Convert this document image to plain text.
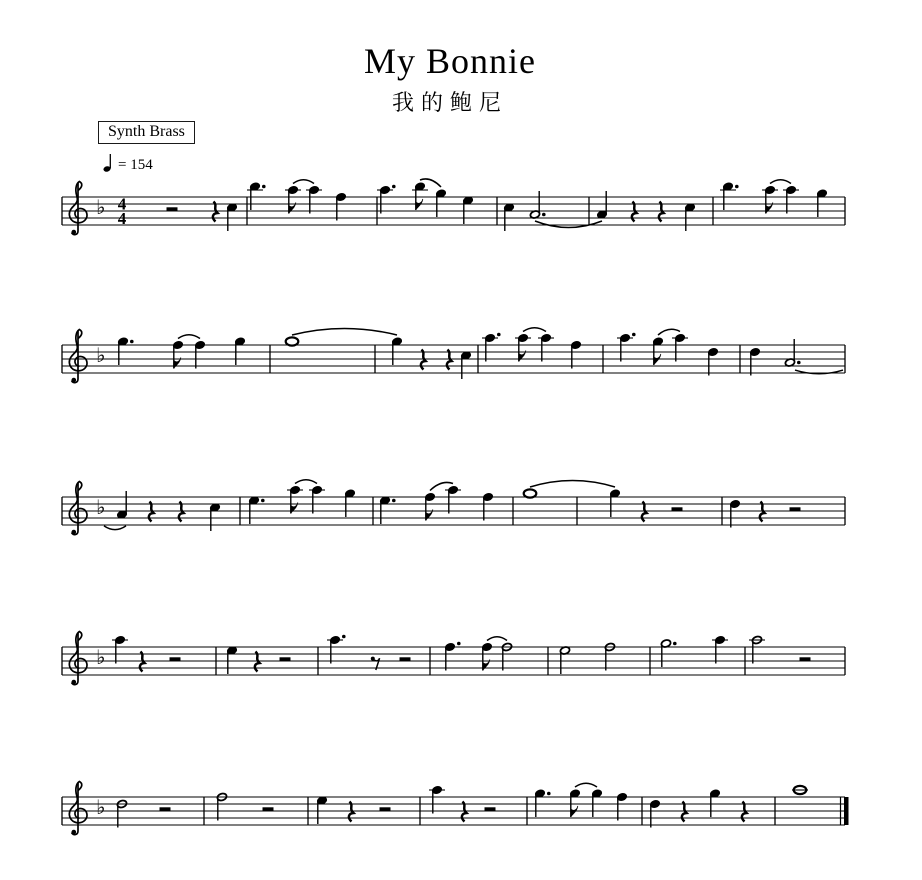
My Bonnie
我的鲍尼
Synth Brass
= 154
♭ 4
4
♭
♭
♭
♭
